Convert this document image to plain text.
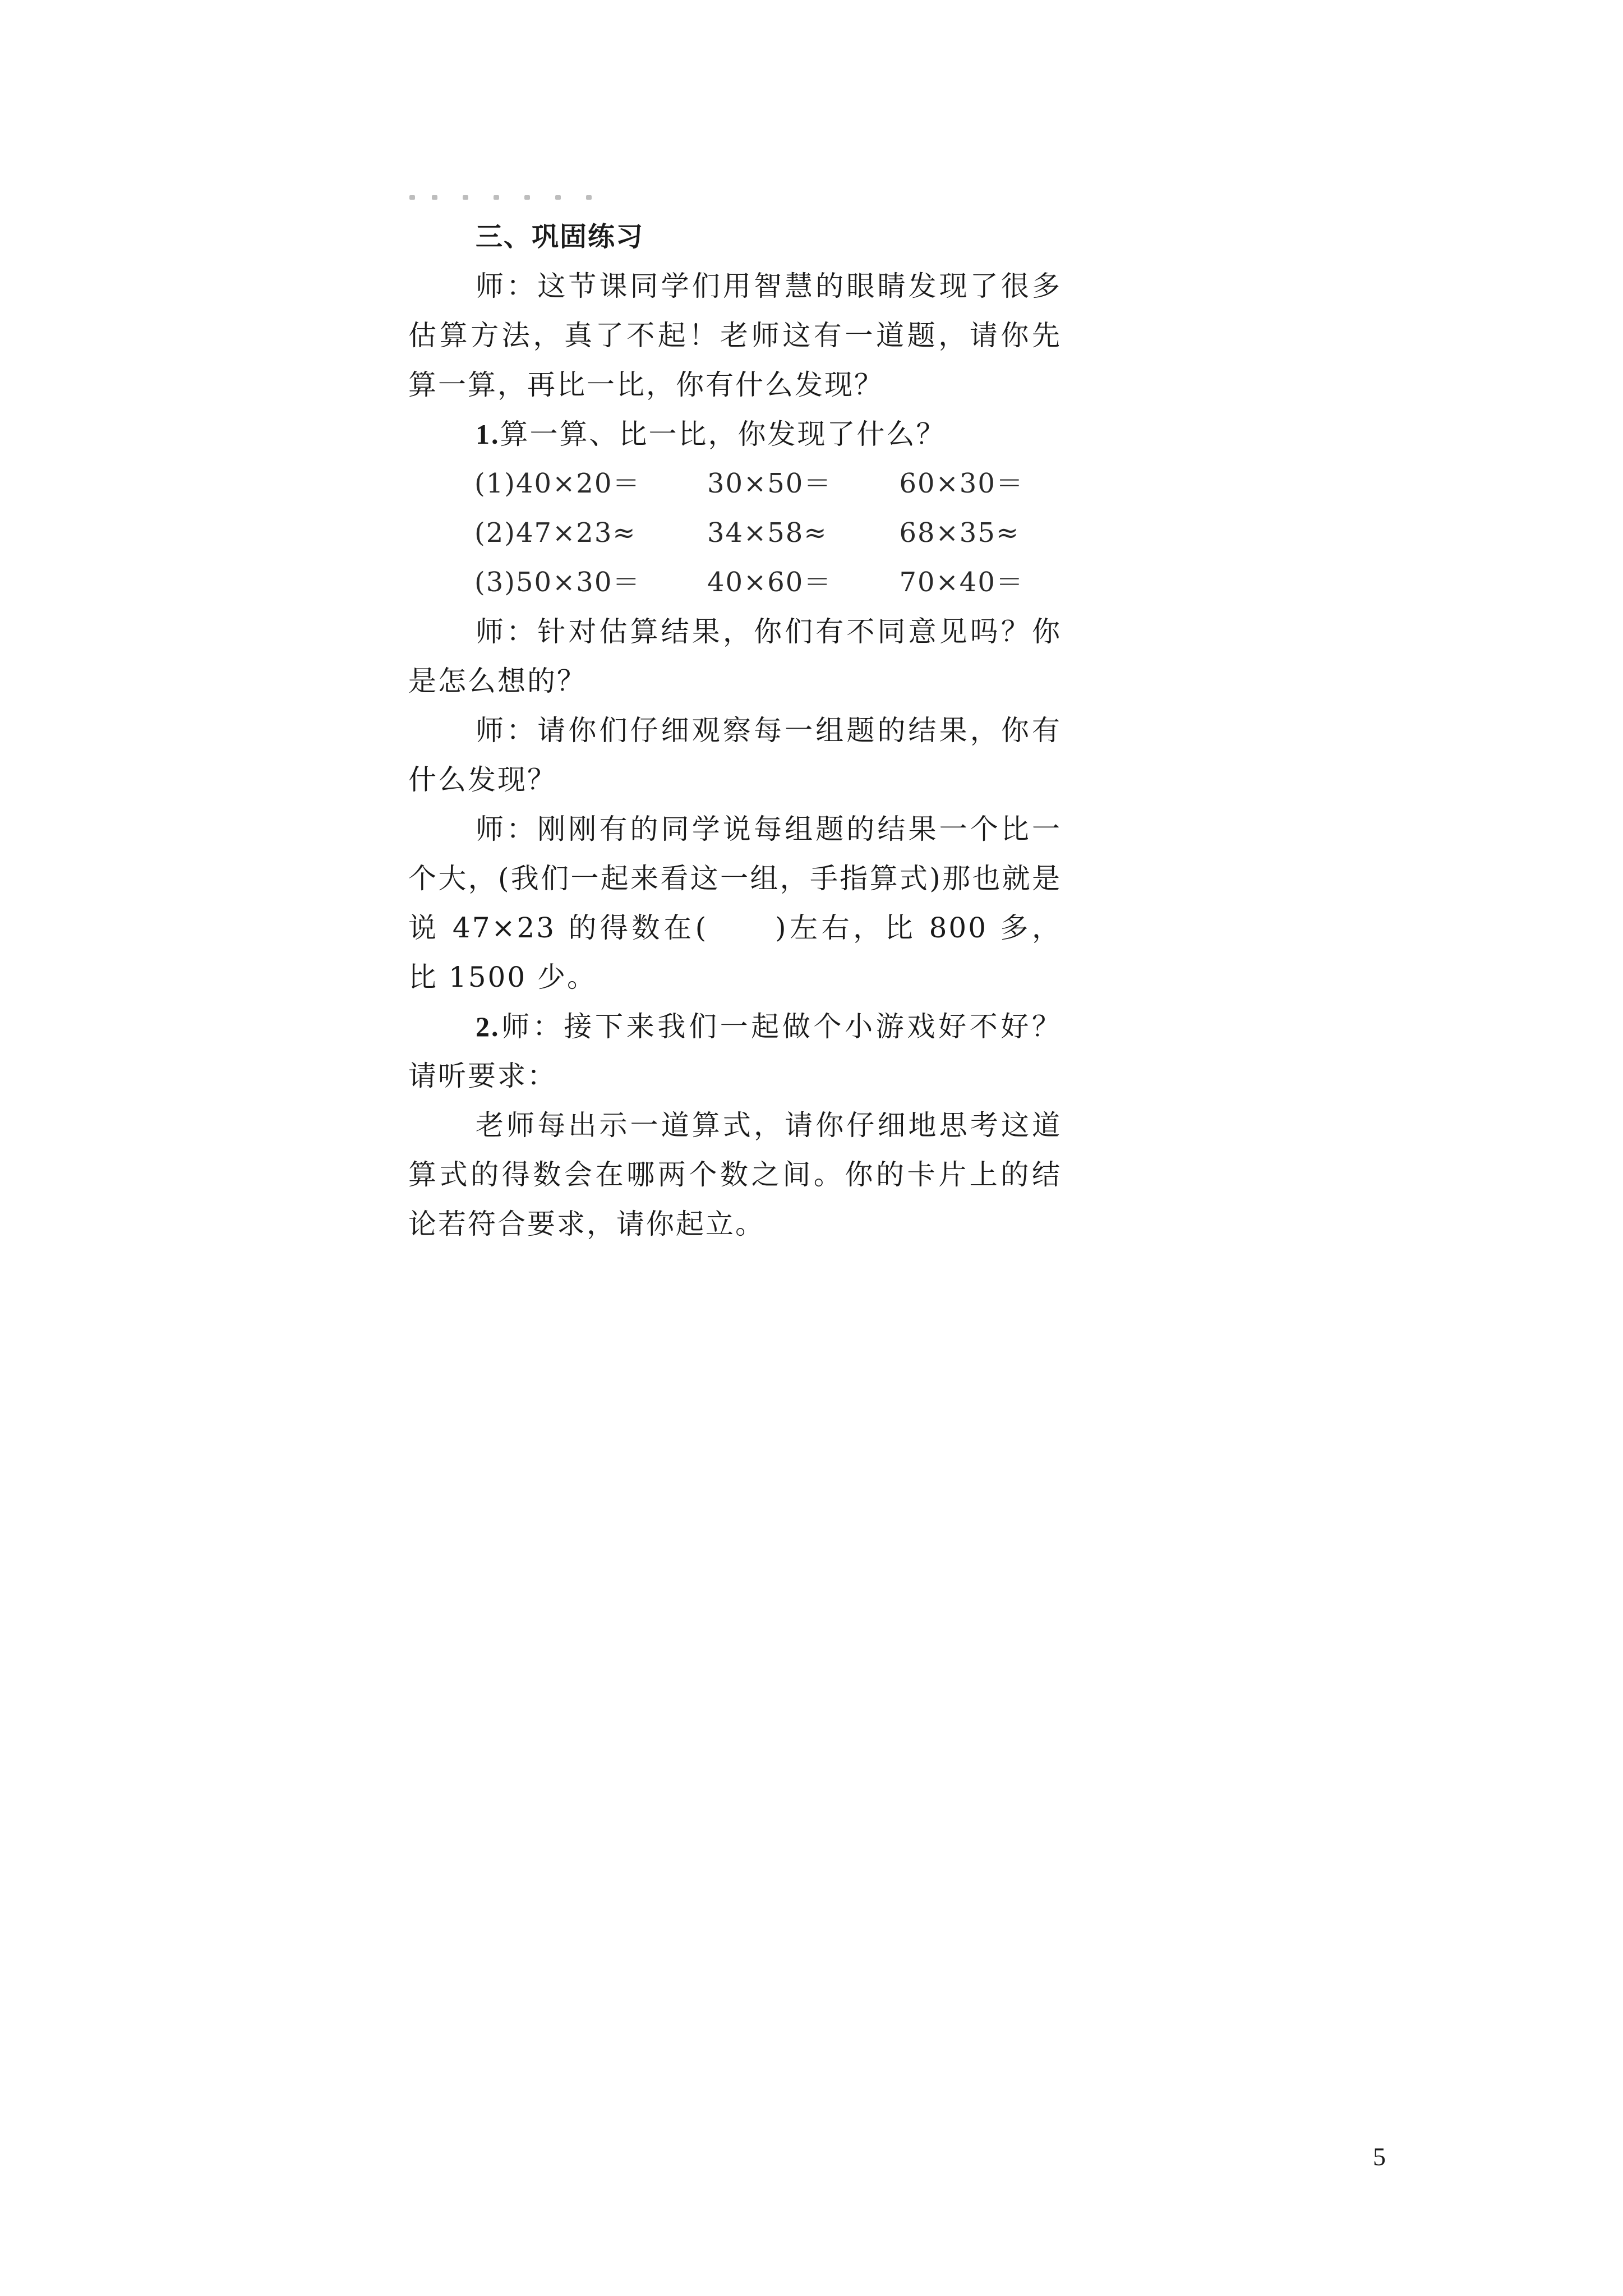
三、巩固练习

师：这节课同学们用智慧的眼睛发现了很多估算方法，真了不起！老师这有一道题，请你先算一算，再比一比，你有什么发现？

1.算一算、比一比，你发现了什么？

(1)40×20＝	30×50＝	60×30＝
(2)47×23≈	34×58≈	68×35≈
(3)50×30＝	40×60＝	70×40＝

师：针对估算结果，你们有不同意见吗？你是怎么想的？

师：请你们仔细观察每一组题的结果，你有什么发现？

师：刚刚有的同学说每组题的结果一个比一个大，(我们一起来看这一组，手指算式)那也就是说 47×23 的得数在( )左右，比 800 多，比 1500 少。

2.师：接下来我们一起做个小游戏好不好？请听要求：

老师每出示一道算式，请你仔细地思考这道算式的得数会在哪两个数之间。你的卡片上的结论若符合要求，请你起立。

5
